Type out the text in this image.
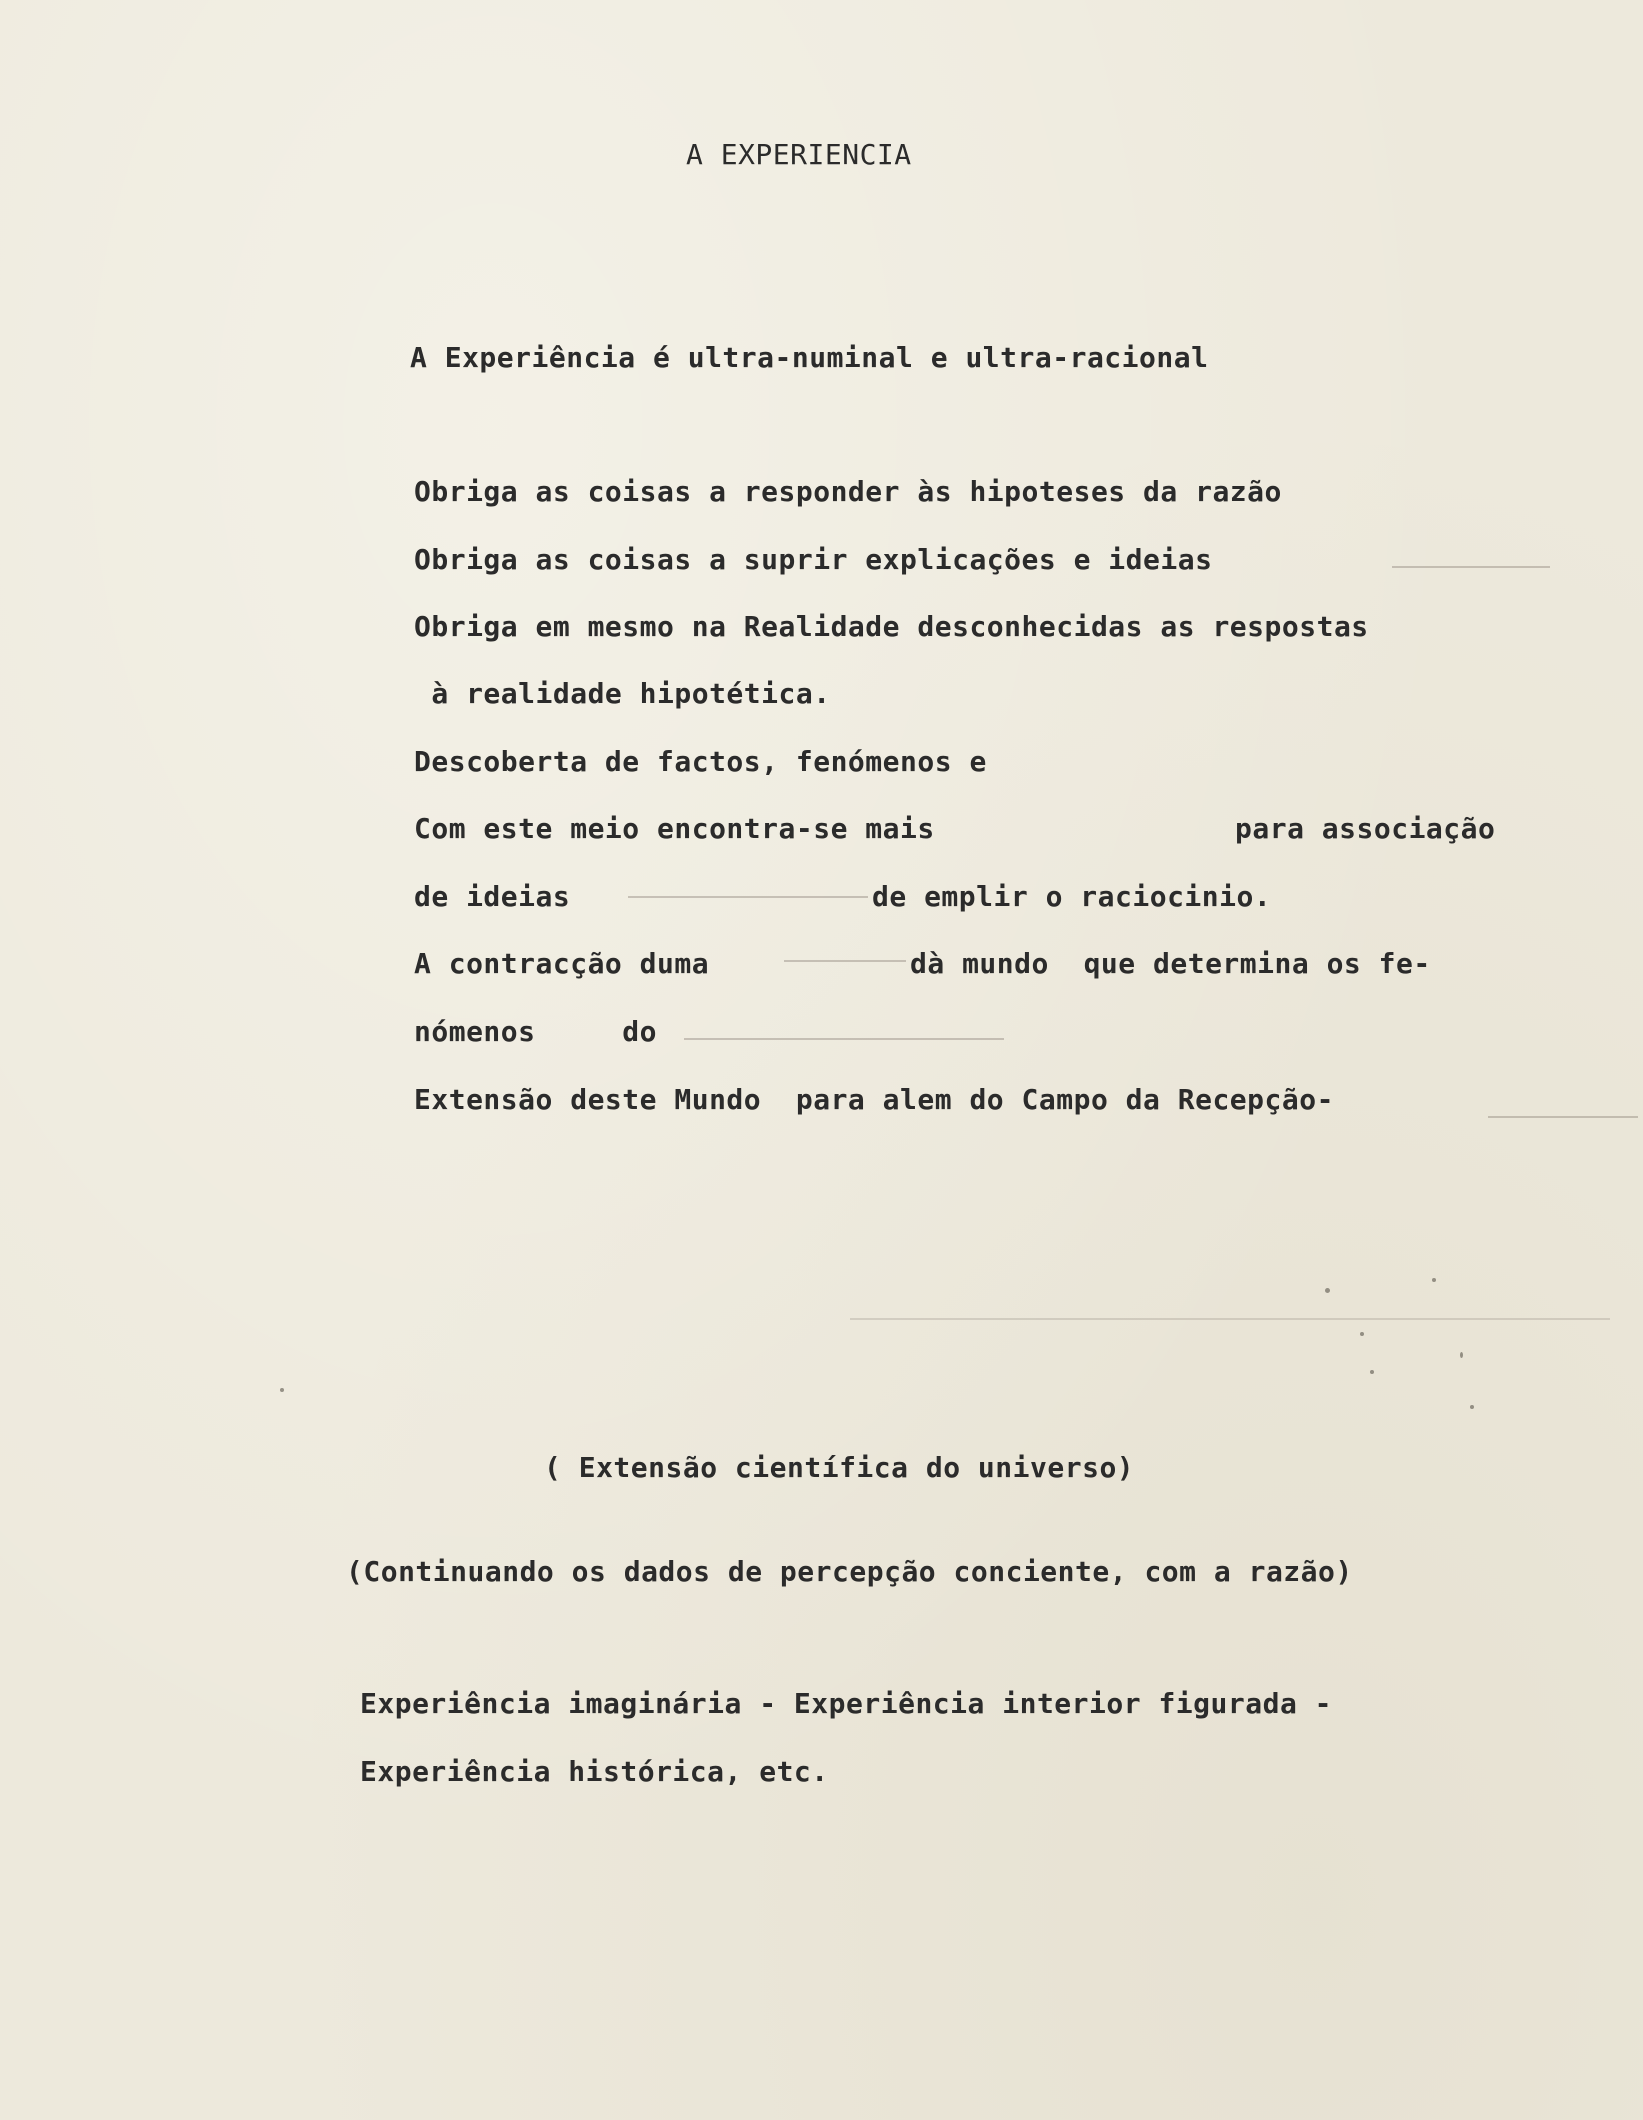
A EXPERIENCIA

A Experiência é ultra-numinal e ultra-racional

Obriga as coisas a responder às hipoteses da razão

Obriga as coisas a suprir explicações e ideias

Obriga em mesmo na Realidade desconhecidas as respostas

à realidade hipotética.

Descoberta de factos, fenómenos e

Com este meio encontra-se mais	para associação

de ideias	de emplir o raciocinio.

A contracção duma	dà mundo  que determina os fe-

nómenos     do

Extensão deste Mundo  para alem do Campo da Recepção-

( Extensão científica do universo)

(Continuando os dados de percepção conciente, com a razão)

Experiência imaginária - Experiência interior figurada -

Experiência histórica, etc.
